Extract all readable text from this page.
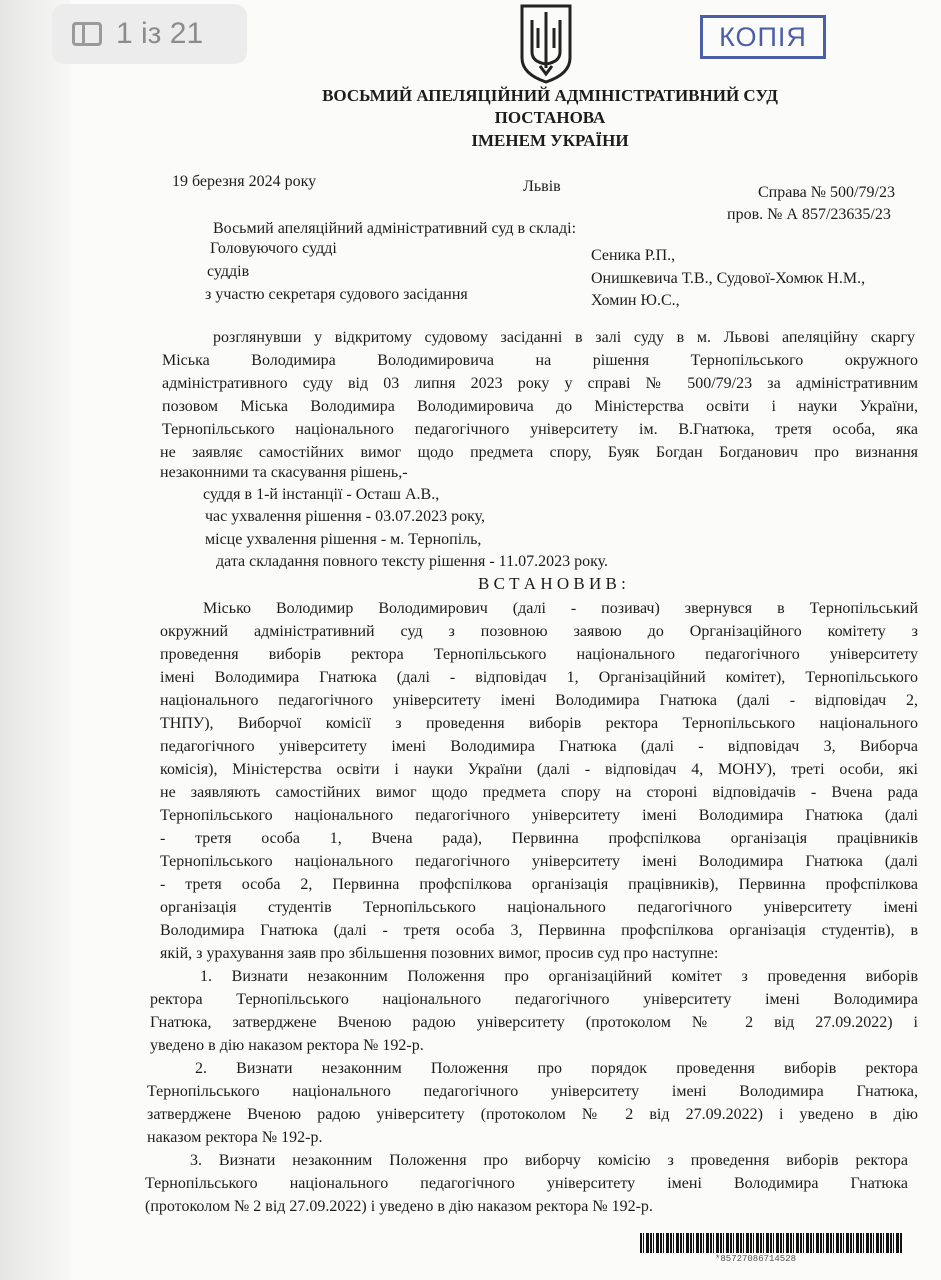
1 із 21	КОПІЯ
ВОСЬМИЙ АПЕЛЯЦІЙНИЙ АДМІНІСТРАТИВНИЙ СУД
ПОСТАНОВА
ІМЕНЕМ УКРАЇНИ
19 березня 2024 року	Львів	Справа № 500/79/23
пров. № А 857/23635/23
Восьмий апеляційний адміністративний суд в складі:
Головуючого судді	Сеника Р.П.,
суддів	Онишкевича Т.В., Судової-Хомюк Н.М.,
з участю секретаря судового засідання	Хомин Ю.С.,
розглянувши у відкритому судовому засіданні в залі суду в м. Львові апеляційну скаргу
Міська Володимира Володимировича на рішення Тернопільського окружного
адміністративного суду від 03 липня 2023 року у справі № 500/79/23 за адміністративним
позовом Міська Володимира Володимировича до Міністерства освіти і науки України,
Тернопільського національного педагогічного університету ім. В.Гнатюка, третя особа, яка
не заявляє самостійних вимог щодо предмета спору, Буяк Богдан Богданович про визнання
незаконними та скасування рішень,-
суддя в 1-й інстанції - Осташ А.В.,
час ухвалення рішення - 03.07.2023 року,
місце ухвалення рішення - м. Тернопіль,
дата складання повного тексту рішення - 11.07.2023 року.
В С Т А Н О В И В :
Місько Володимир Володимирович (далі - позивач) звернувся в Тернопільський
окружний адміністративний суд з позовною заявою до Організаційного комітету з
проведення виборів ректора Тернопільського національного педагогічного університету
імені Володимира Гнатюка (далі - відповідач 1, Організаційний комітет), Тернопільського
національного педагогічного університету імені Володимира Гнатюка (далі - відповідач 2,
ТНПУ), Виборчої комісії з проведення виборів ректора Тернопільського національного
педагогічного університету імені Володимира Гнатюка (далі - відповідач 3, Виборча
комісія), Міністерства освіти і науки України (далі - відповідач 4, МОНУ), треті особи, які
не заявляють самостійних вимог щодо предмета спору на стороні відповідачів - Вчена рада
Тернопільського національного педагогічного університету імені Володимира Гнатюка (далі
- третя особа 1, Вчена рада), Первинна профспілкова організація працівників
Тернопільського національного педагогічного університету імені Володимира Гнатюка (далі
- третя особа 2, Первинна профспілкова організація працівників), Первинна профспілкова
організація студентів Тернопільського національного педагогічного університету імені
Володимира Гнатюка (далі - третя особа 3, Первинна профспілкова організація студентів), в
якій, з урахування заяв про збільшення позовних вимог, просив суд про наступне:
1. Визнати незаконним Положення про організаційний комітет з проведення виборів
ректора Тернопільського національного педагогічного університету імені Володимира
Гнатюка, затверджене Вченою радою університету (протоколом № 2 від 27.09.2022) і
уведено в дію наказом ректора № 192-р.
2. Визнати незаконним Положення про порядок проведення виборів ректора
Тернопільського національного педагогічного університету імені Володимира Гнатюка,
затверджене Вченою радою університету (протоколом № 2 від 27.09.2022) і уведено в дію
наказом ректора № 192-р.
3. Визнати незаконним Положення про виборчу комісію з проведення виборів ректора
Тернопільського національного педагогічного університету імені Володимира Гнатюка
(протоколом № 2 від 27.09.2022) і уведено в дію наказом ректора № 192-р.
*85727086714528
